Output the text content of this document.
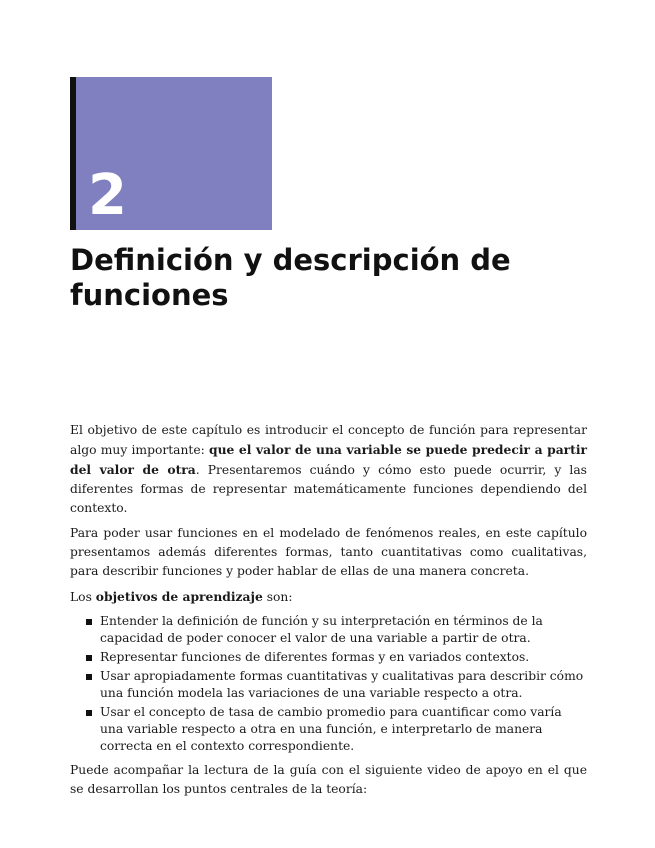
2
Definición y descripción de funciones

El objetivo de este capítulo es introducir el concepto de función para representar algo muy importante: que el valor de una variable se puede predecir a partir del valor de otra. Presentaremos cuándo y cómo esto puede ocurrir, y las diferentes formas de representar matemáticamente funciones dependiendo del contexto.

Para poder usar funciones en el modelado de fenómenos reales, en este capítulo presentamos además diferentes formas, tanto cuantitativas como cualitativas, para describir funciones y poder hablar de ellas de una manera concreta.

Los objetivos de aprendizaje son:

Entender la definición de función y su interpretación en términos de la capacidad de poder conocer el valor de una variable a partir de otra.
Representar funciones de diferentes formas y en variados contextos.
Usar apropiadamente formas cuantitativas y cualitativas para describir cómo una función modela las variaciones de una variable respecto a otra.
Usar el concepto de tasa de cambio promedio para cuantificar como varía una variable respecto a otra en una función, e interpretarlo de manera correcta en el contexto correspondiente.

Puede acompañar la lectura de la guía con el siguiente video de apoyo en el que se desarrollan los puntos centrales de la teoría:
